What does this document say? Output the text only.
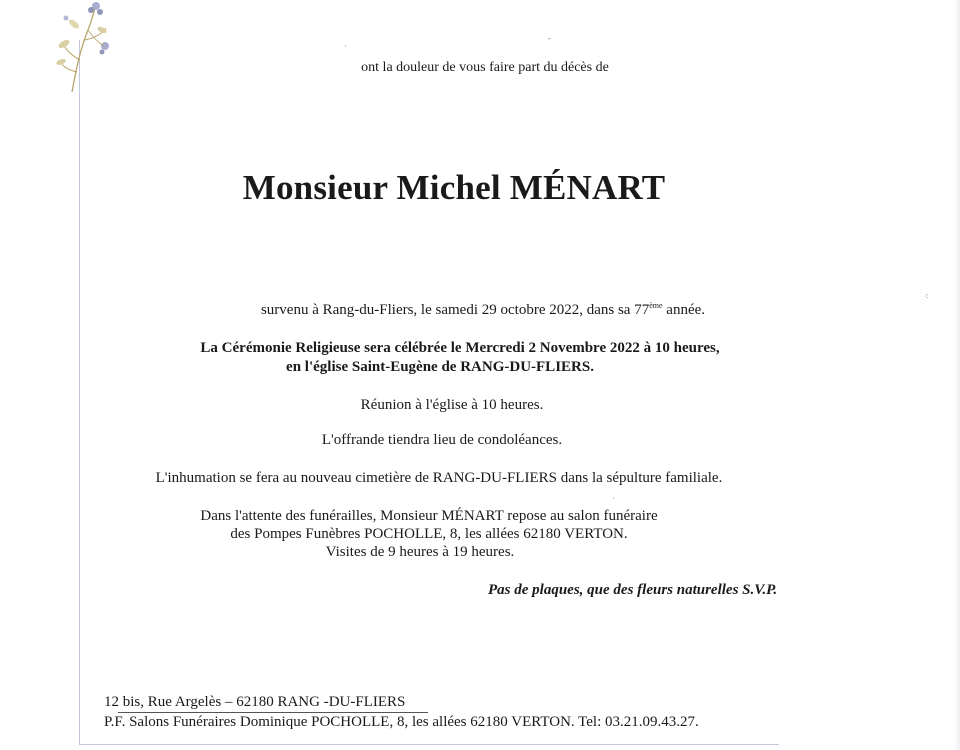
-
·
⁖
·
ont la douleur de vous faire part du décès de
Monsieur Michel MÉNART
survenu à Rang-du-Fliers, le samedi 29 octobre 2022, dans sa 77ème année.
La Cérémonie Religieuse sera célébrée le Mercredi 2 Novembre 2022 à 10 heures,
en l'église Saint-Eugène de RANG-DU-FLIERS.
Réunion à l'église à 10 heures.
L'offrande tiendra lieu de condoléances.
L'inhumation se fera au nouveau cimetière de RANG-DU-FLIERS dans la sépulture familiale.
Dans l'attente des funérailles, Monsieur MÉNART repose au salon funéraire
des Pompes Funèbres POCHOLLE, 8, les allées 62180 VERTON.
Visites de 9 heures à 19 heures.
Pas de plaques, que des fleurs naturelles S.V.P.
12 bis, Rue Argelès – 62180 RANG -DU-FLIERS
P.F. Salons Funéraires Dominique POCHOLLE, 8, les allées 62180 VERTON. Tel: 03.21.09.43.27.
